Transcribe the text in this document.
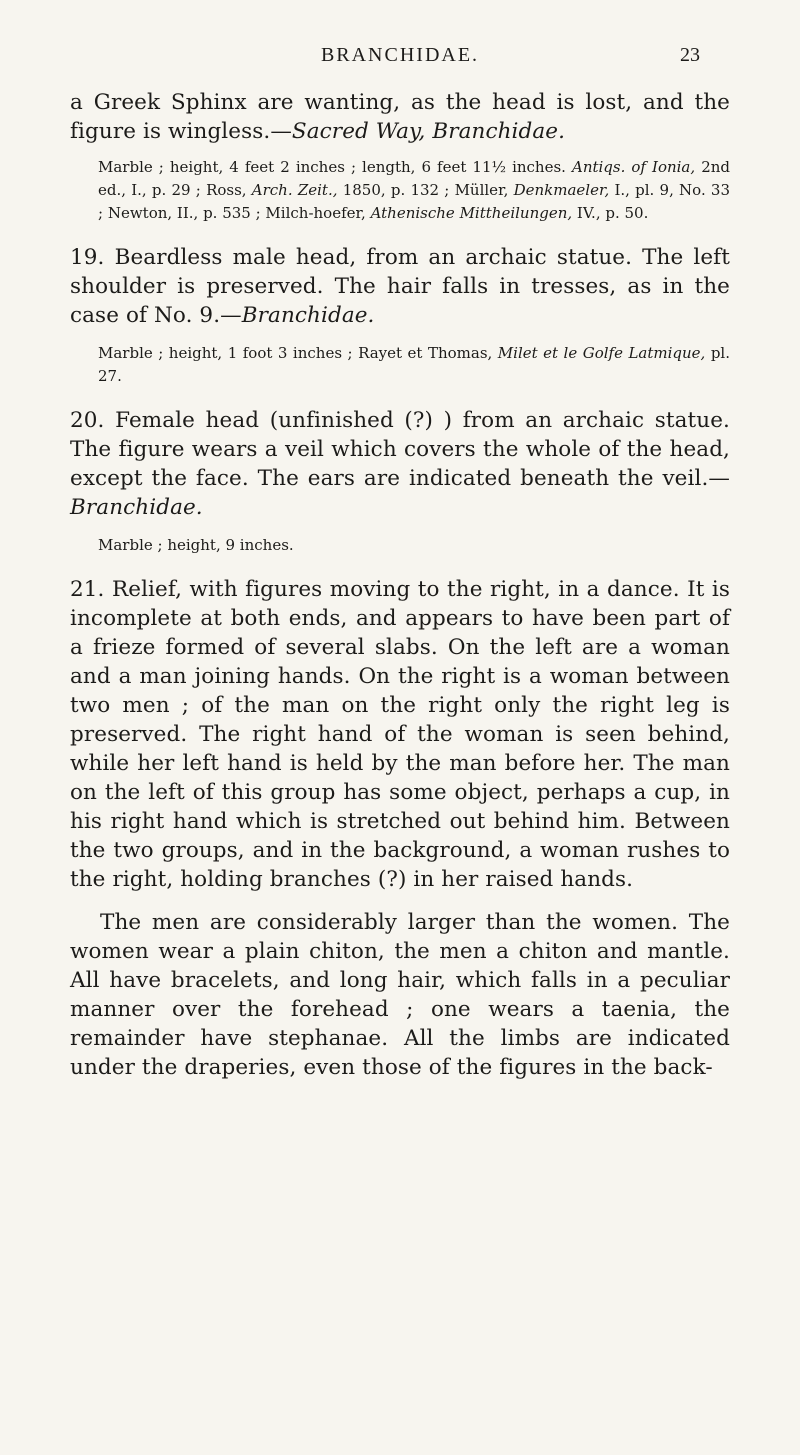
BRANCHIDAE.	23

a Greek Sphinx are wanting, as the head is lost, and the figure is wingless.—Sacred Way, Branchidae.

Marble ; height, 4 feet 2 inches ; length, 6 feet 11½ inches. Antiqs. of Ionia, 2nd ed., I., p. 29 ; Ross, Arch. Zeit., 1850, p. 132 ; Müller, Denkmaeler, I., pl. 9, No. 33 ; Newton, II., p. 535 ; Milch-hoefer, Athenische Mittheilungen, IV., p. 50.

19. Beardless male head, from an archaic statue. The left shoulder is preserved. The hair falls in tresses, as in the case of No. 9.—Branchidae.

Marble ; height, 1 foot 3 inches ; Rayet et Thomas, Milet et le Golfe Latmique, pl. 27.

20. Female head (unfinished (?) ) from an archaic statue. The figure wears a veil which covers the whole of the head, except the face. The ears are indicated beneath the veil.—Branchidae.

Marble ; height, 9 inches.

21. Relief, with figures moving to the right, in a dance. It is incomplete at both ends, and appears to have been part of a frieze formed of several slabs. On the left are a woman and a man joining hands. On the right is a woman between two men ; of the man on the right only the right leg is preserved. The right hand of the woman is seen behind, while her left hand is held by the man before her. The man on the left of this group has some object, perhaps a cup, in his right hand which is stretched out behind him. Between the two groups, and in the background, a woman rushes to the right, holding branches (?) in her raised hands.

The men are considerably larger than the women. The women wear a plain chiton, the men a chiton and mantle. All have bracelets, and long hair, which falls in a peculiar manner over the forehead ; one wears a taenia, the remainder have stephanae. All the limbs are indicated under the draperies, even those of the figures in the back-
